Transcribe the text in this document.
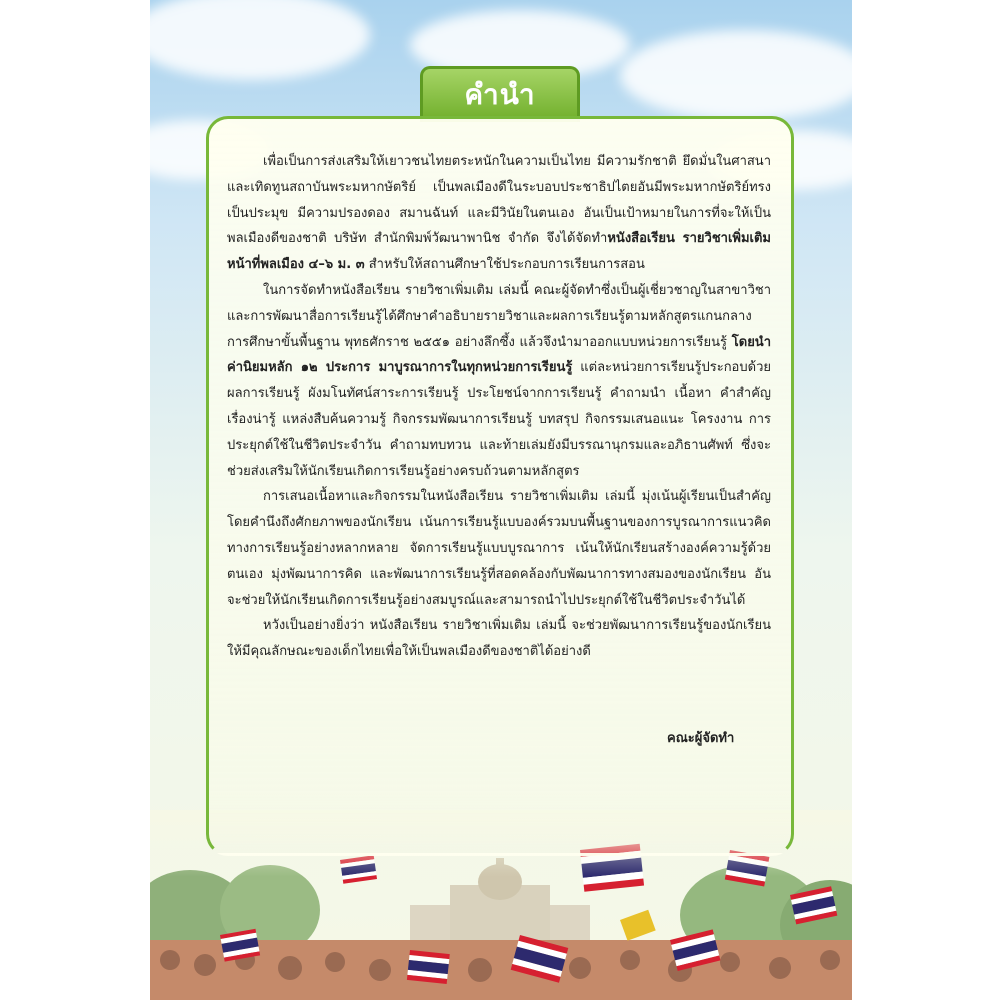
คำนำ

เพื่อเป็นการส่งเสริมให้เยาวชนไทยตระหนักในความเป็นไทย มีความรักชาติ ยึดมั่นในศาสนา และเทิดทูนสถาบันพระมหากษัตริย์ เป็นพลเมืองดีในระบอบประชาธิปไตยอันมีพระมหากษัตริย์ทรงเป็นประมุข มีความปรองดอง สมานฉันท์ และมีวินัยในตนเอง อันเป็นเป้าหมายในการที่จะให้เป็นพลเมืองดีของชาติ บริษัท สำนักพิมพ์วัฒนาพานิช จำกัด จึงได้จัดทำหนังสือเรียน รายวิชาเพิ่มเติม หน้าที่พลเมือง ๔–๖ ม. ๓ สำหรับให้สถานศึกษาใช้ประกอบการเรียนการสอน

ในการจัดทำหนังสือเรียน รายวิชาเพิ่มเติม เล่มนี้ คณะผู้จัดทำซึ่งเป็นผู้เชี่ยวชาญในสาขาวิชาและการพัฒนาสื่อการเรียนรู้ได้ศึกษาคำอธิบายรายวิชาและผลการเรียนรู้ตามหลักสูตรแกนกลางการศึกษาขั้นพื้นฐาน พุทธศักราช ๒๕๕๑ อย่างลึกซึ้ง แล้วจึงนำมาออกแบบหน่วยการเรียนรู้ โดยนำค่านิยมหลัก ๑๒ ประการ มาบูรณาการในทุกหน่วยการเรียนรู้ แต่ละหน่วยการเรียนรู้ประกอบด้วยผลการเรียนรู้ ผังมโนทัศน์สาระการเรียนรู้ ประโยชน์จากการเรียนรู้ คำถามนำ เนื้อหา คำสำคัญ เรื่องน่ารู้ แหล่งสืบค้นความรู้ กิจกรรมพัฒนาการเรียนรู้ บทสรุป กิจกรรมเสนอแนะ โครงงาน การประยุกต์ใช้ในชีวิตประจำวัน คำถามทบทวน และท้ายเล่มยังมีบรรณานุกรมและอภิธานศัพท์ ซึ่งจะช่วยส่งเสริมให้นักเรียนเกิดการเรียนรู้อย่างครบถ้วนตามหลักสูตร

การเสนอเนื้อหาและกิจกรรมในหนังสือเรียน รายวิชาเพิ่มเติม เล่มนี้ มุ่งเน้นผู้เรียนเป็นสำคัญ โดยคำนึงถึงศักยภาพของนักเรียน เน้นการเรียนรู้แบบองค์รวมบนพื้นฐานของการบูรณาการแนวคิดทางการเรียนรู้อย่างหลากหลาย จัดการเรียนรู้แบบบูรณาการ เน้นให้นักเรียนสร้างองค์ความรู้ด้วยตนเอง มุ่งพัฒนาการคิด และพัฒนาการเรียนรู้ที่สอดคล้องกับพัฒนาการทางสมองของนักเรียน อันจะช่วยให้นักเรียนเกิดการเรียนรู้อย่างสมบูรณ์และสามารถนำไปประยุกต์ใช้ในชีวิตประจำวันได้

หวังเป็นอย่างยิ่งว่า หนังสือเรียน รายวิชาเพิ่มเติม เล่มนี้ จะช่วยพัฒนาการเรียนรู้ของนักเรียนให้มีคุณลักษณะของเด็กไทยเพื่อให้เป็นพลเมืองดีของชาติได้อย่างดี

คณะผู้จัดทำ
